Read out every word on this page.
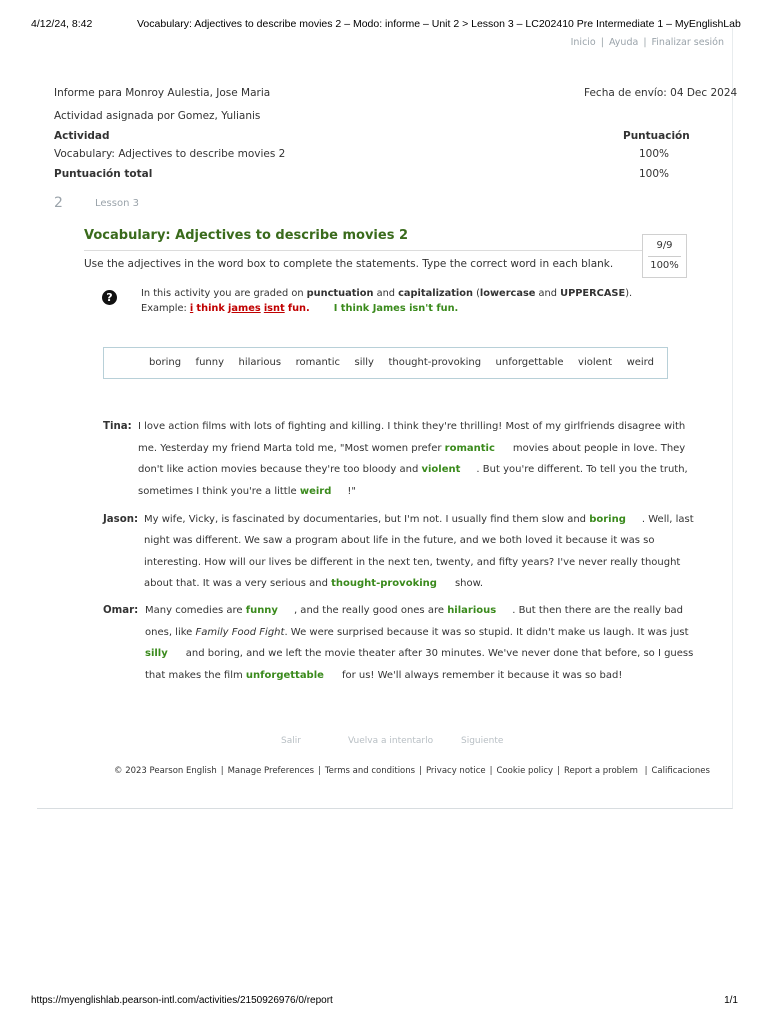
4/12/24, 8:42	Vocabulary: Adjectives to describe movies 2 – Modo: informe – Unit 2 > Lesson 3 – LC202410 Pre Intermediate 1 – MyEnglishLab
Inicio | Ayuda | Finalizar sesión
Informe para Monroy Aulestia, Jose Maria	Fecha de envío: 04 Dec 2024
Actividad asignada por Gomez, Yulianis
Actividad	Puntuación
Vocabulary: Adjectives to describe movies 2	100%
Puntuación total	100%
2	Lesson 3
Vocabulary: Adjectives to describe movies 2
9/9
100%
Use the adjectives in the word box to complete the statements. Type the correct word in each blank.
?	In this activity you are graded on punctuation and capitalization (lowercase and UPPERCASE).
Example: i think james isnt fun. I think James isn't fun.
boring funny hilarious romantic silly thought-provoking unforgettable violent weird
Tina: I love action films with lots of fighting and killing. I think they're thrilling! Most of my girlfriends disagree with
me. Yesterday my friend Marta told me, "Most women prefer romantic movies about people in love. They
don't like action movies because they're too bloody and violent . But you're different. To tell you the truth,
sometimes I think you're a little weird !"
Jason: My wife, Vicky, is fascinated by documentaries, but I'm not. I usually find them slow and boring . Well, last
night was different. We saw a program about life in the future, and we both loved it because it was so
interesting. How will our lives be different in the next ten, twenty, and fifty years? I've never really thought
about that. It was a very serious and thought-provoking show.
Omar: Many comedies are funny , and the really good ones are hilarious . But then there are the really bad
ones, like Family Food Fight. We were surprised because it was so stupid. It didn't make us laugh. It was just
silly and boring, and we left the movie theater after 30 minutes. We've never done that before, so I guess
that makes the film unforgettable for us! We'll always remember it because it was so bad!
Salir	Vuelva a intentarlo	Siguiente
© 2023 Pearson English | Manage Preferences | Terms and conditions | Privacy notice | Cookie policy | Report a problem | Calificaciones
https://myenglishlab.pearson-intl.com/activities/2150926976/0/report	1/1
